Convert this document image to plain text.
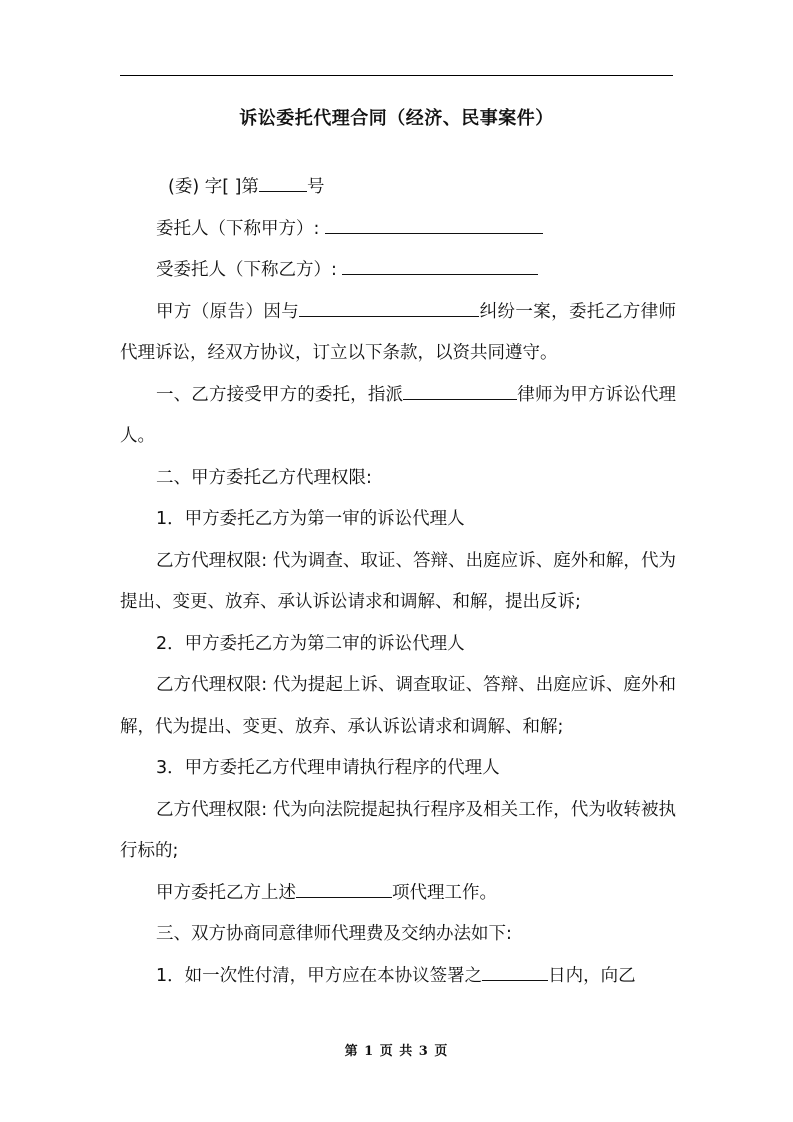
诉讼委托代理合同（经济、民事案件）
(委) 字[ ]第	号
委托人（下称甲方）:
受委托人（下称乙方）:
甲方（原告）因与	纠纷一案，委托乙方律师代理诉讼，经双方协议，订立以下条款，以资共同遵守。
一、乙方接受甲方的委托，指派	律师为甲方诉讼代理人。
二、甲方委托乙方代理权限:
1．甲方委托乙方为第一审的诉讼代理人
乙方代理权限: 代为调查、取证、答辩、出庭应诉、庭外和解，代为提出、变更、放弃、承认诉讼请求和调解、和解，提出反诉;
2．甲方委托乙方为第二审的诉讼代理人
乙方代理权限: 代为提起上诉、调查取证、答辩、出庭应诉、庭外和解，代为提出、变更、放弃、承认诉讼请求和调解、和解;
3．甲方委托乙方代理申请执行程序的代理人
乙方代理权限: 代为向法院提起执行程序及相关工作，代为收转被执行标的;
甲方委托乙方上述	项代理工作。
三、双方协商同意律师代理费及交纳办法如下:
1．如一次性付清，甲方应在本协议签署之	日内，向乙
第 1 页 共 3 页
